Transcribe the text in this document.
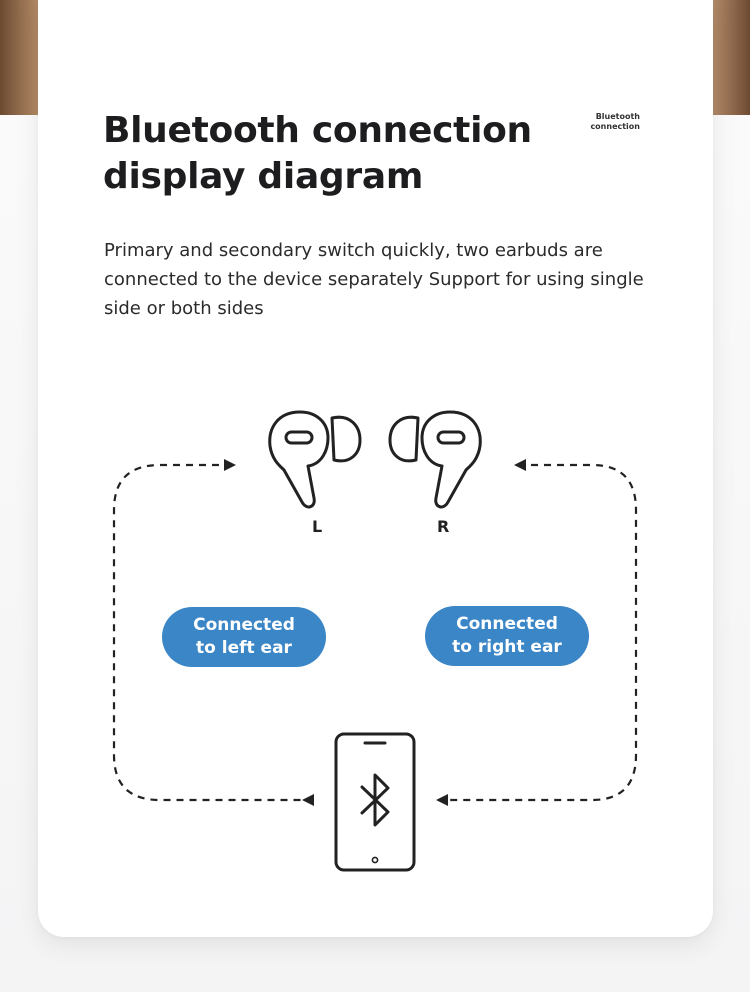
Bluetooth connection display diagram
Bluetooth connection

Primary and secondary switch quickly, two earbuds are connected to the device separately Support for using single side or both sides

L	R
Connected
to left ear
Connected
to right ear
